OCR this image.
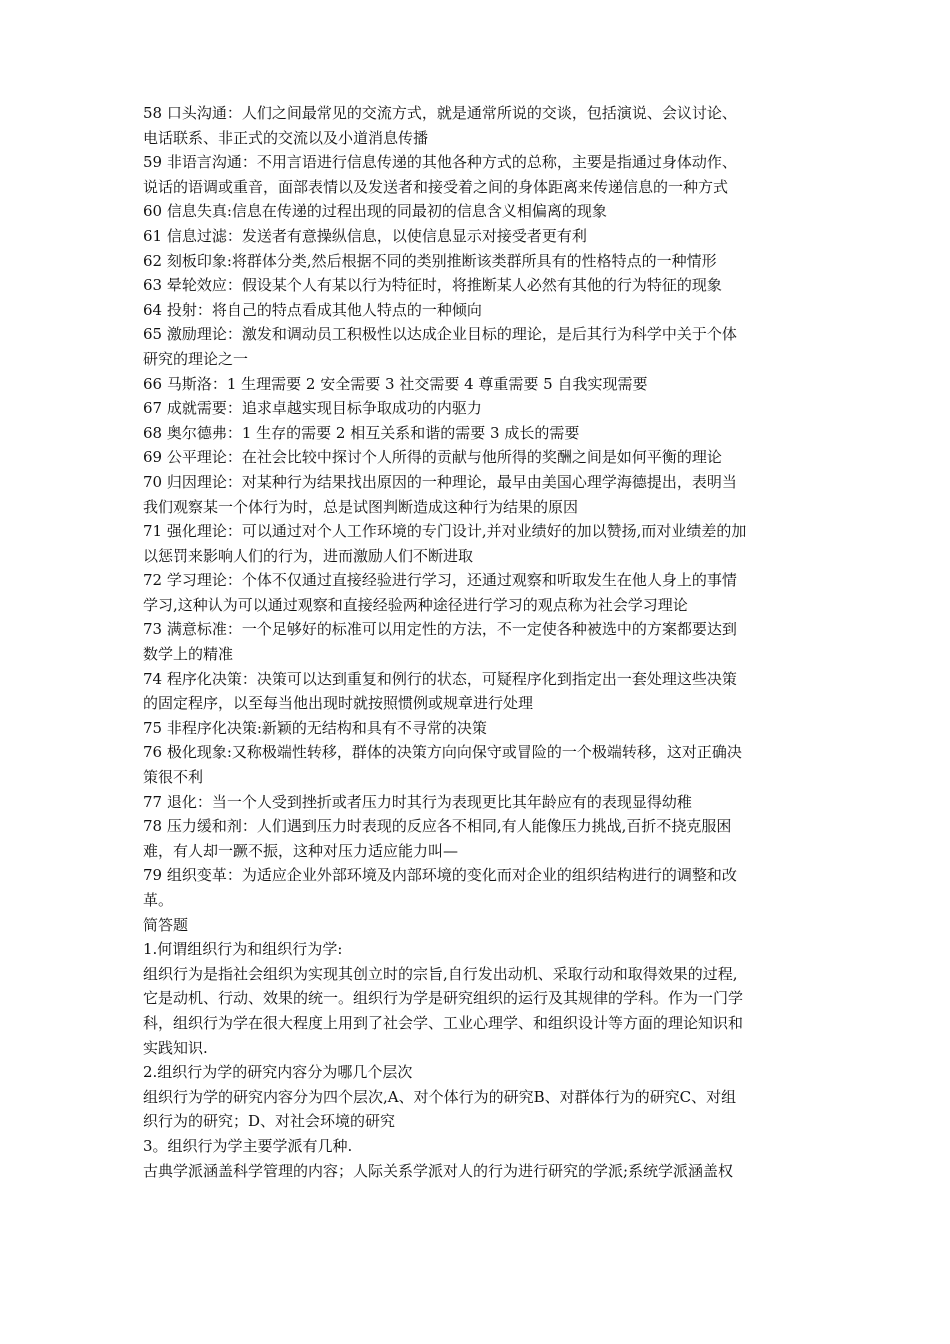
58 口头沟通：人们之间最常见的交流方式，就是通常所说的交谈，包括演说、会议讨论、
电话联系、非正式的交流以及小道消息传播
59 非语言沟通：不用言语进行信息传递的其他各种方式的总称，主要是指通过身体动作、
说话的语调或重音，面部表情以及发送者和接受着之间的身体距离来传递信息的一种方式
60 信息失真:信息在传递的过程出现的同最初的信息含义相偏离的现象
61 信息过滤：发送者有意操纵信息，以使信息显示对接受者更有利
62 刻板印象:将群体分类,然后根据不同的类别推断该类群所具有的性格特点的一种情形
63 晕轮效应：假设某个人有某以行为特征时，将推断某人必然有其他的行为特征的现象
64 投射：将自己的特点看成其他人特点的一种倾向
65 激励理论：激发和调动员工积极性以达成企业目标的理论，是后其行为科学中关于个体
研究的理论之一
66 马斯洛：1 生理需要 2 安全需要 3 社交需要 4 尊重需要 5 自我实现需要
67 成就需要：追求卓越实现目标争取成功的内驱力
68 奥尔德弗：1 生存的需要 2 相互关系和谐的需要 3 成长的需要
69 公平理论：在社会比较中探讨个人所得的贡献与他所得的奖酬之间是如何平衡的理论
70 归因理论：对某种行为结果找出原因的一种理论，最早由美国心理学海德提出，表明当
我们观察某一个体行为时，总是试图判断造成这种行为结果的原因
71 强化理论：可以通过对个人工作环境的专门设计,并对业绩好的加以赞扬,而对业绩差的加
以惩罚来影响人们的行为，进而激励人们不断进取
72 学习理论：个体不仅通过直接经验进行学习，还通过观察和听取发生在他人身上的事情
学习,这种认为可以通过观察和直接经验两种途径进行学习的观点称为社会学习理论
73 满意标准：一个足够好的标准可以用定性的方法，不一定使各种被选中的方案都要达到
数学上的精准
74 程序化决策：决策可以达到重复和例行的状态，可疑程序化到指定出一套处理这些决策
的固定程序，以至每当他出现时就按照惯例或规章进行处理
75 非程序化决策:新颖的无结构和具有不寻常的决策
76 极化现象:又称极端性转移，群体的决策方向向保守或冒险的一个极端转移，这对正确决
策很不利
77 退化：当一个人受到挫折或者压力时其行为表现更比其年龄应有的表现显得幼稚
78 压力缓和剂：人们遇到压力时表现的反应各不相同,有人能像压力挑战,百折不挠克服困
难，有人却一蹶不振，这种对压力适应能力叫—
79 组织变革：为适应企业外部环境及内部环境的变化而对企业的组织结构进行的调整和改
革。
简答题
1.何谓组织行为和组织行为学:
组织行为是指社会组织为实现其创立时的宗旨,自行发出动机、采取行动和取得效果的过程,
它是动机、行动、效果的统一。组织行为学是研究组织的运行及其规律的学科。作为一门学
科，组织行为学在很大程度上用到了社会学、工业心理学、和组织设计等方面的理论知识和
实践知识.
2.组织行为学的研究内容分为哪几个层次
组织行为学的研究内容分为四个层次,A、对个体行为的研究B、对群体行为的研究C、对组
织行为的研究；D、对社会环境的研究
3。组织行为学主要学派有几种.
古典学派涵盖科学管理的内容；人际关系学派对人的行为进行研究的学派;系统学派涵盖权
